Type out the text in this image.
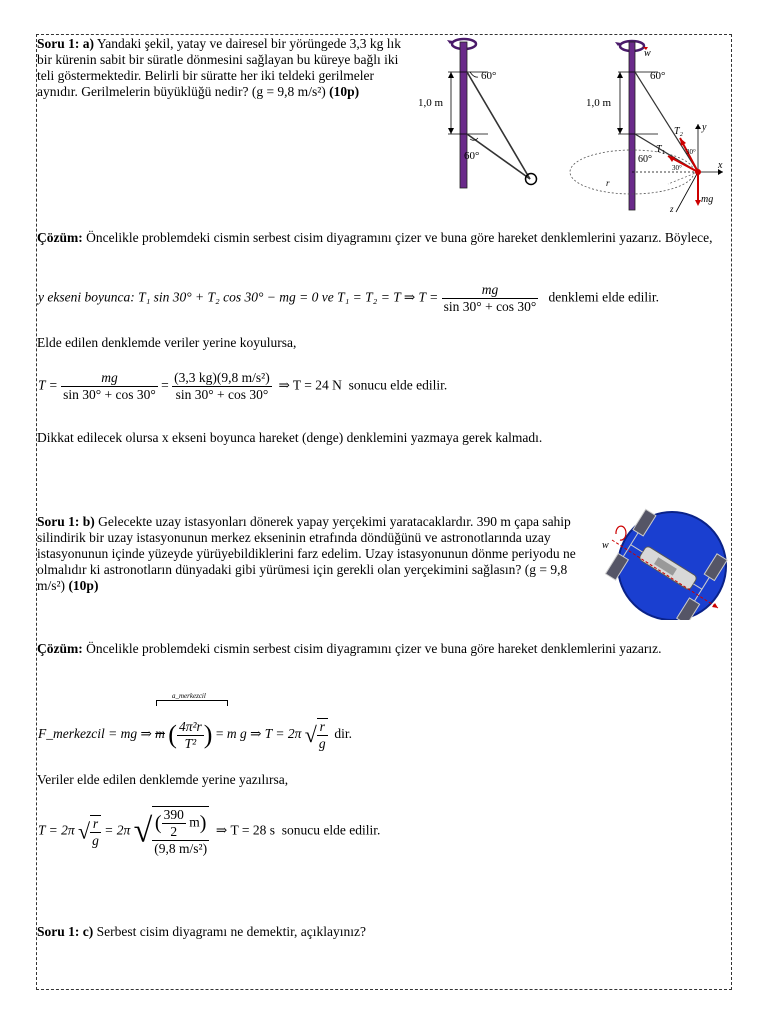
Soru 1: a) Yandaki şekil, yatay ve dairesel bir yörüngede 3,3 kg lık bir kürenin sabit bir süratle dönmesini sağlayan bu küreye bağlı iki teli göstermektedir. Belirli bir süratte her iki teldeki gerilmeler aynıdır. Gerilmelerin büyüklüğü nedir? (g = 9,8 m/s²) (10p)
60°
60°
1,0 m
w
60°
1,0 m
T₂
T₁	30°
60°
30°
y
x
r
z
mg
Çözüm: Öncelikle problemdeki cismin serbest cisim diyagramını çizer ve buna göre hareket denklemlerini yazarız. Böylece,
y ekseni boyunca: T₁ sin 30° + T₂ cos 30° − mg = 0 ve T₁ = T₂ = T ⇒ $T = \frac{mg}{\sin 30^\circ + \cos 30^\circ}$ denklemi elde edilir.
Elde edilen denklemde veriler yerine koyulursa,
$T = \frac{mg}{\sin 30^\circ + \cos 30^\circ} = \frac{\text{(3,3 kg)(9,8 m/s²)}}{\sin 30^\circ + \cos 30^\circ}$ ⇒ T = 24 N sonucu elde edilir.
Dikkat edilecek olursa x ekseni boyunca hareket (denge) denklemini yazmaya gerek kalmadı.
Soru 1: b) Gelecekte uzay istasyonları dönerek yapay yerçekimi yaratacaklardır. 390 m çapa sahip silindirik bir uzay istasyonunun merkez ekseninin etrafında döndüğünü ve astronotlarında uzay istasyonunun içinde yüzeyde yürüyebildiklerini farz edelim. Uzay istasyonunun dönme periyodu ne olmalıdır ki astronotların dünyadaki gibi yürümesi için gerekli olan yerçekimini sağlasın? (g = 9,8 m/s²) (10p)
w
Çözüm: Öncelikle problemdeki cismin serbest cisim diyagramını çizer ve buna göre hareket denklemlerini yazarız.
a_merkezcil
F_merkezcil = mg ⇒ m ( $\frac{\text{4π²r}}{\text{T²}}$ ) = m g ⇒ T = 2π √ $\frac{r}{g}$ dir.
Veriler elde edilen denklemde yerine yazılırsa,
T = 2π √ $\frac{r}{g} = 2\pi$ √ $\frac{( \frac{390}{2} m)}{\text{(9,8 m/s²)}}$ ⇒ T = 28 s sonucu elde edilir.
Soru 1: c) Serbest cisim diyagramı ne demektir, açıklayınız?
